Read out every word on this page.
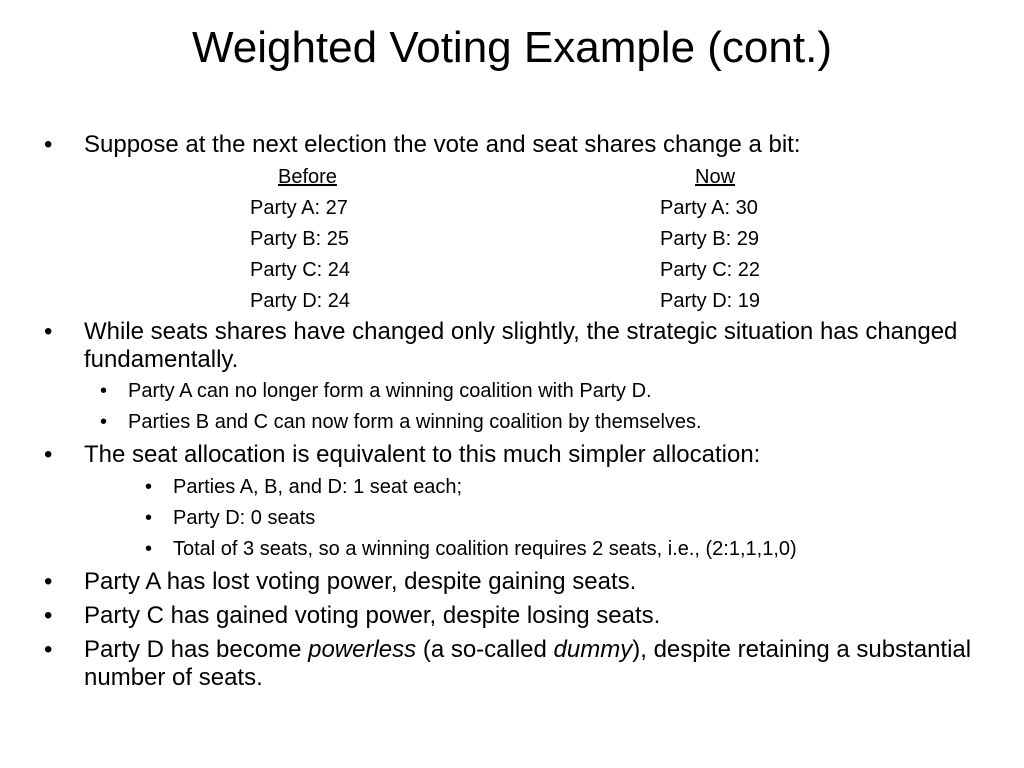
Weighted Voting Example (cont.)
• Suppose at the next election the vote and seat shares change a bit:
Before
Party A: 27
Party B: 25
Party C: 24
Party D: 24
Now
Party A: 30
Party B: 29
Party C: 22
Party D: 19
• While seats shares have changed only slightly, the strategic situation has changed fundamentally.
• Party A can no longer form a winning coalition with Party D.
• Parties B and C can now form a winning coalition by themselves.
• The seat allocation is equivalent to this much simpler allocation:
• Parties A, B, and D: 1 seat each;
• Party D: 0 seats
• Total of 3 seats, so a winning coalition requires 2 seats, i.e., (2:1,1,1,0)
• Party A has lost voting power, despite gaining seats.
• Party C has gained voting power, despite losing seats.
• Party D has become powerless (a so-called dummy), despite retaining a substantial number of seats.
